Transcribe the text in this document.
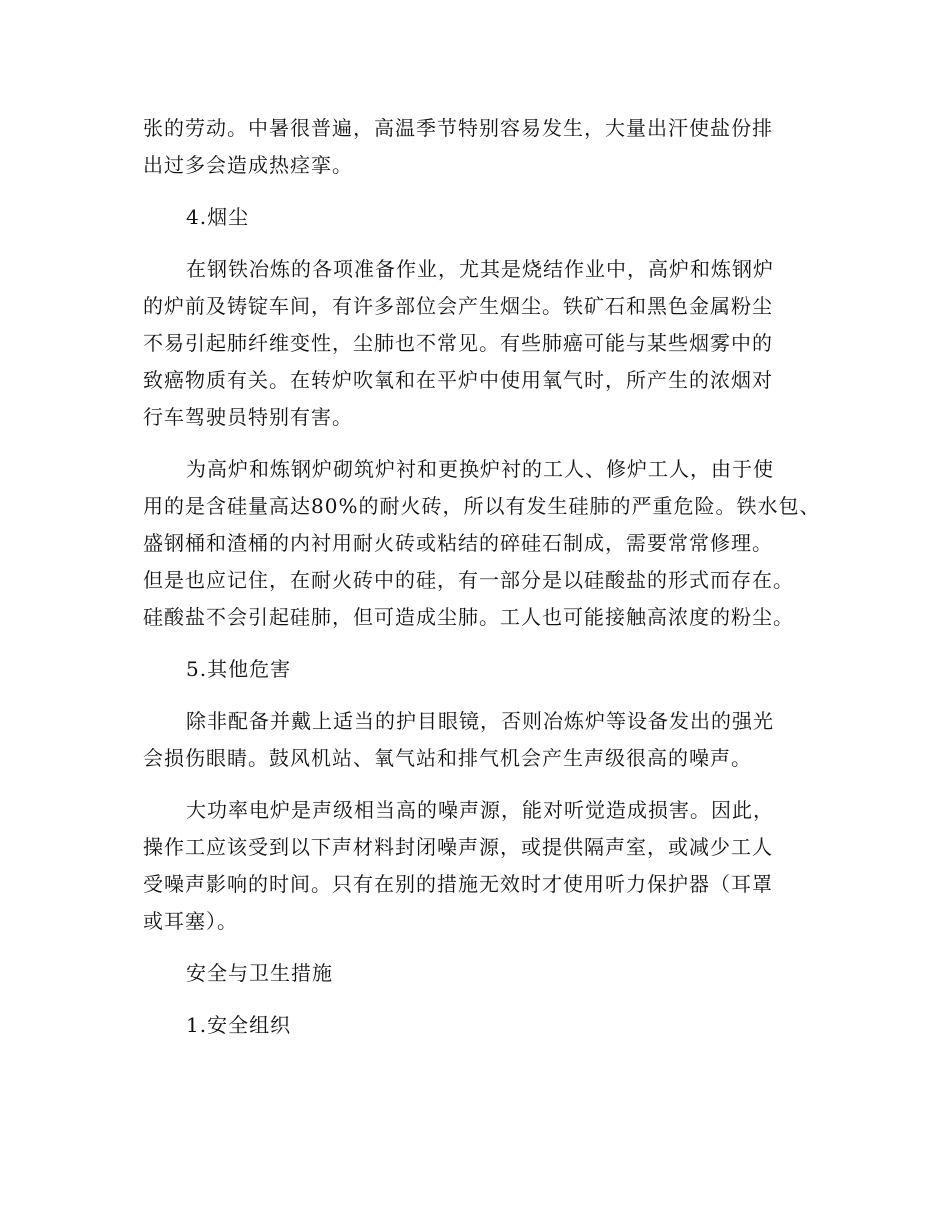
张的劳动。中暑很普遍，高温季节特别容易发生，大量出汗使盐份排
出过多会造成热痉挛。
4.烟尘
在钢铁冶炼的各项准备作业，尤其是烧结作业中，高炉和炼钢炉
的炉前及铸锭车间，有许多部位会产生烟尘。铁矿石和黑色金属粉尘
不易引起肺纤维变性，尘肺也不常见。有些肺癌可能与某些烟雾中的
致癌物质有关。在转炉吹氧和在平炉中使用氧气时，所产生的浓烟对
行车驾驶员特别有害。
为高炉和炼钢炉砌筑炉衬和更换炉衬的工人、修炉工人，由于使
用的是含硅量高达80%的耐火砖，所以有发生硅肺的严重危险。铁水包、
盛钢桶和渣桶的内衬用耐火砖或粘结的碎硅石制成，需要常常修理。
但是也应记住，在耐火砖中的硅，有一部分是以硅酸盐的形式而存在。
硅酸盐不会引起硅肺，但可造成尘肺。工人也可能接触高浓度的粉尘。
5.其他危害
除非配备并戴上适当的护目眼镜，否则冶炼炉等设备发出的强光
会损伤眼睛。鼓风机站、氧气站和排气机会产生声级很高的噪声。
大功率电炉是声级相当高的噪声源，能对听觉造成损害。因此，
操作工应该受到以下声材料封闭噪声源，或提供隔声室，或减少工人
受噪声影响的时间。只有在别的措施无效时才使用听力保护器（耳罩
或耳塞）。
安全与卫生措施
1.安全组织
